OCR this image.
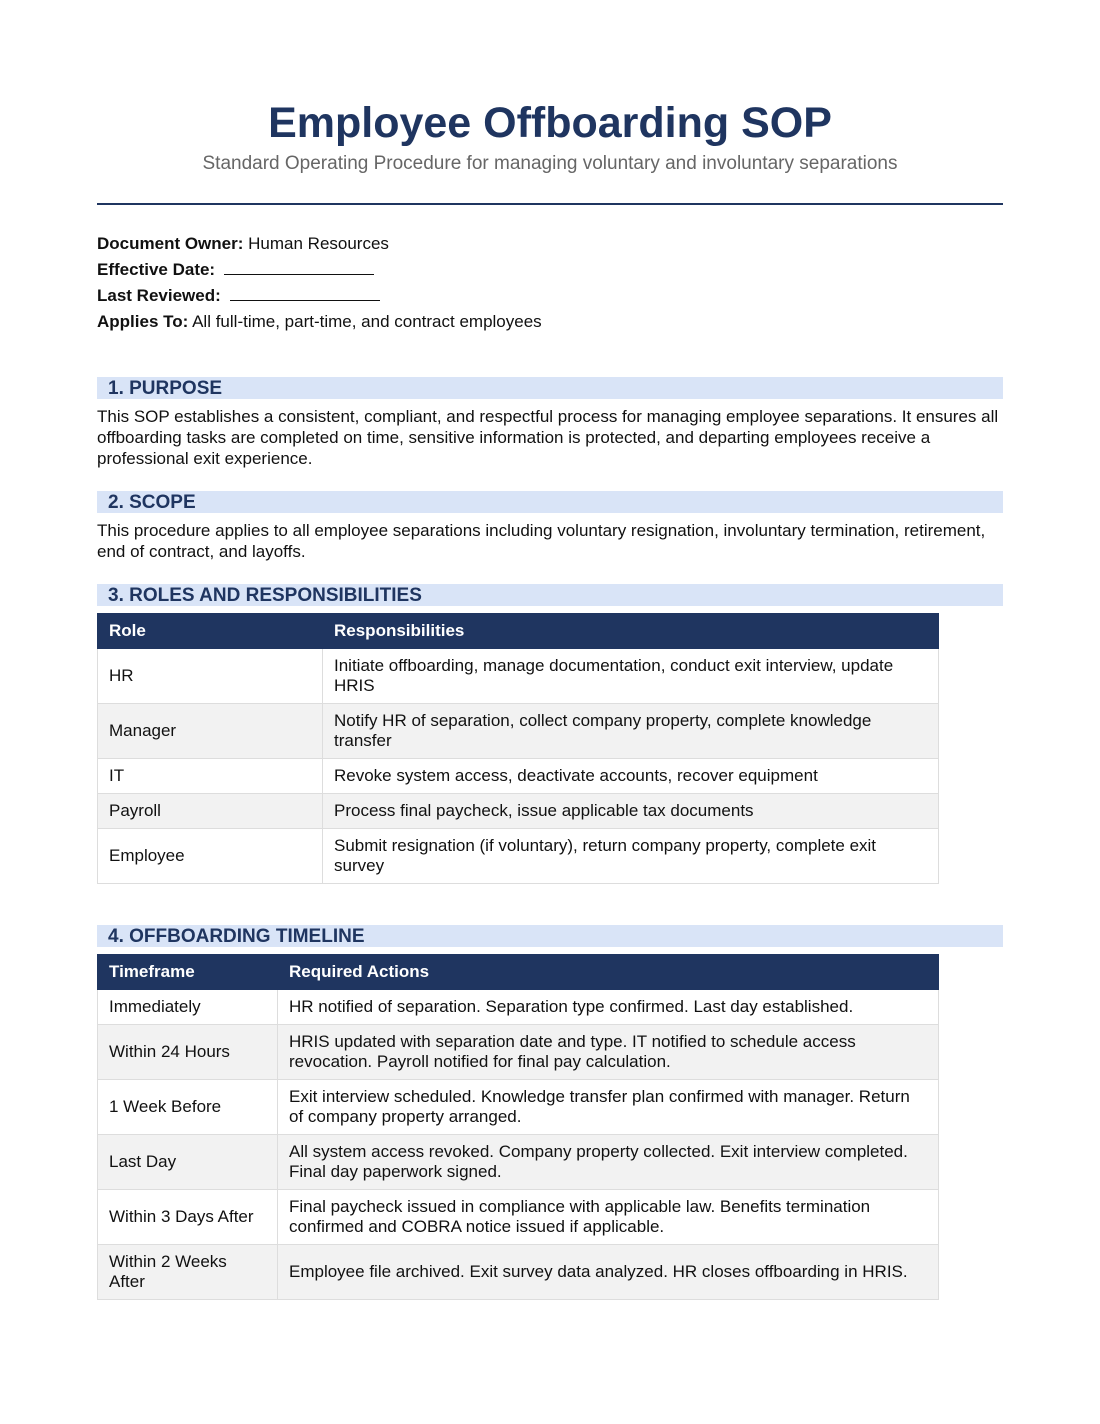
Employee Offboarding SOP
Standard Operating Procedure for managing voluntary and involuntary separations
Document Owner: Human Resources
Effective Date:
Last Reviewed:
Applies To: All full-time, part-time, and contract employees
1. PURPOSE
This SOP establishes a consistent, compliant, and respectful process for managing employee separations. It ensures all offboarding tasks are completed on time, sensitive information is protected, and departing employees receive a professional exit experience.
2. SCOPE
This procedure applies to all employee separations including voluntary resignation, involuntary termination, retirement, end of contract, and layoffs.
3. ROLES AND RESPONSIBILITIES
Role	Responsibilities
HR	Initiate offboarding, manage documentation, conduct exit interview, update HRIS
Manager	Notify HR of separation, collect company property, complete knowledge transfer
IT	Revoke system access, deactivate accounts, recover equipment
Payroll	Process final paycheck, issue applicable tax documents
Employee	Submit resignation (if voluntary), return company property, complete exit survey
4. OFFBOARDING TIMELINE
Timeframe	Required Actions
Immediately	HR notified of separation. Separation type confirmed. Last day established.
Within 24 Hours	HRIS updated with separation date and type. IT notified to schedule access revocation. Payroll notified for final pay calculation.
1 Week Before	Exit interview scheduled. Knowledge transfer plan confirmed with manager. Return of company property arranged.
Last Day	All system access revoked. Company property collected. Exit interview completed. Final day paperwork signed.
Within 3 Days After	Final paycheck issued in compliance with applicable law. Benefits termination confirmed and COBRA notice issued if applicable.
Within 2 Weeks After	Employee file archived. Exit survey data analyzed. HR closes offboarding in HRIS.
